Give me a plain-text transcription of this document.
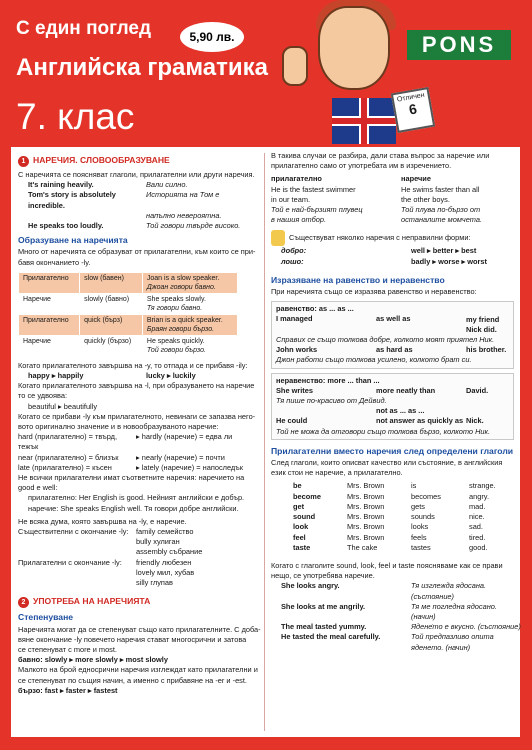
С един поглед	5,90 лв.
Английска граматика
7. клас	Отличен
6
PONS
1 НАРЕЧИЯ. СЛОВООБРАЗУВАНЕ
С наречията се поясняват глаголи, прилагателни или други наречия.
It's raining heavily.	Вали силно.
Tom's story is absolutely incredible.
Историята на Том е
напълно невероятна.
He speaks too loudly.	Той говори твърде високо.
Образуване на наречията
Много от наречията се образуват от прилагателни, към които се при-
бавя окончанието -ly.
Прилагателно	slow (бавен)	Joan is a slow speaker.
Джоан говори бавно.
Наречие	slowly (бавно)	She speaks slowly.
Тя говори бавно.
Прилагателно	quick (бърз)	Brian is a quick speaker.
Браян говори бързо.
Наречие	quickly (бързо)	He speaks quickly.
Той говори бързо.
Когато прилагателното завършва на -y, то отпада и се прибавя -ily:
happy ▸ happily	lucky ▸ luckily
Когато прилагателното завършва на -l, при образуването на наречие
то се удвоява:
beautiful ▸ beautifully
Когато се прибави -ly към прилагателното, невинаги се запазва него-
вото оригинално значение и в новообразуваното наречие:
hard (прилагателно) = твърд, тежък
▸ hardly (наречие) = едва ли
near (прилагателно) = близък	▸ nearly (наречие) = почти
late (прилагателно) = късен	▸ lately (наречие) = напоследък
Не всички прилагателни имат съответните наречия: наречието на
good е well:
прилагателно: Her English is good. Нейният английски е добър.
наречие: She speaks English well. Тя говори добре английски.
Не всяка дума, която завършва на -ly, е наречие.
Съществителни с окончание -ly:	family семейство
bully хулиган
assembly събрание
Прилагателни с окончание -ly:	friendly любезен
lovely мил, хубав
silly глупав
2 УПОТРЕБА НА НАРЕЧИЯТА
Степенуване
Наречията могат да се степенуват също като прилагателните. С доба-
вяне окончание -ly повечето наречия стават многосрични и затова
се степенуват с more и most.
бавно: slowly ▸ more slowly ▸ most slowly
Малкото на брой едносрични наречия изглеждат като прилагателни и
се степенуват по същия начин, а именно с прибавяне на -er и -est.
бързо: fast ▸ faster ▸ fastest
В такива случаи се разбира, дали става въпрос за наречие или
прилагателно само от употребата им в изречението.
прилагателно	наречие
He is the fastest swimmer	He swims faster than all
in our team.	the other boys.
Той е най-бързият плувец	Той плува по-бързо от
в нашия отбор.	останалите момчета.
Съществуват няколко наречия с неправилни форми:
добро:	well ▸ better ▸ best
лошо:	badly ▸ worse ▸ worst
Изразяване на равенство и неравенство
При наречията също се изразява равенство и неравенство:
равенство: as ... as ...
I managed	as well as	my friend Nick did.
Справих се също толкова добре, колкото моят приятел Ник.
John works	as hard as	his brother.
Джон работи също толкова усилено, колкото брат си.
неравенство: more ... than ...
She writes	more neatly than	David.
Тя пише по-красиво от Дейвид.
not as ... as ...
He could	not answer as quickly as Nick.
Той не можа да отговори също толкова бързо, колкото Ник.
Прилагателни вместо наречия след определени глаголи
След глаголи, които описват качество или състояние, в английския
език стои не наречие, а прилагателно.
be	Mrs. Brown	is	strange.
become	Mrs. Brown	becomes	angry.
get	Mrs. Brown	gets	mad.
sound	Mrs. Brown	sounds	nice.
look	Mrs. Brown	looks	sad.
feel	Mrs. Brown	feels	tired.
taste	The cake	tastes	good.
Когато с глаголите sound, look, feel и taste поясняваме как се прави
нещо, се употребява наречие.
She looks angry.	Тя изглежда ядосана. (състояние)
She looks at me angrily.	Тя ме погледна ядосано. (начин)
The meal tasted yummy.	Ядене̇то е вкусно. (състояние)
He tasted the meal carefully.	Той предпазливо опита
яденето. (начин)
